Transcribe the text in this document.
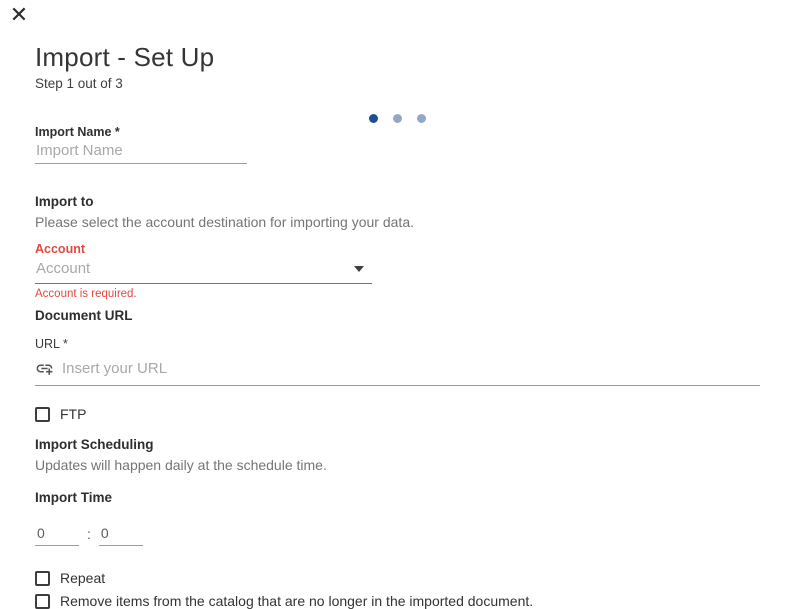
✕
Import - Set Up
Step 1 out of 3
Import Name *
Import Name
Import to
Please select the account destination for importing your data.
Account
Account
Account is required.
Document URL
URL *
Insert your URL
FTP
Import Scheduling
Updates will happen daily at the schedule time.
Import Time
0
:
0
Repeat
Remove items from the catalog that are no longer in the imported document.
